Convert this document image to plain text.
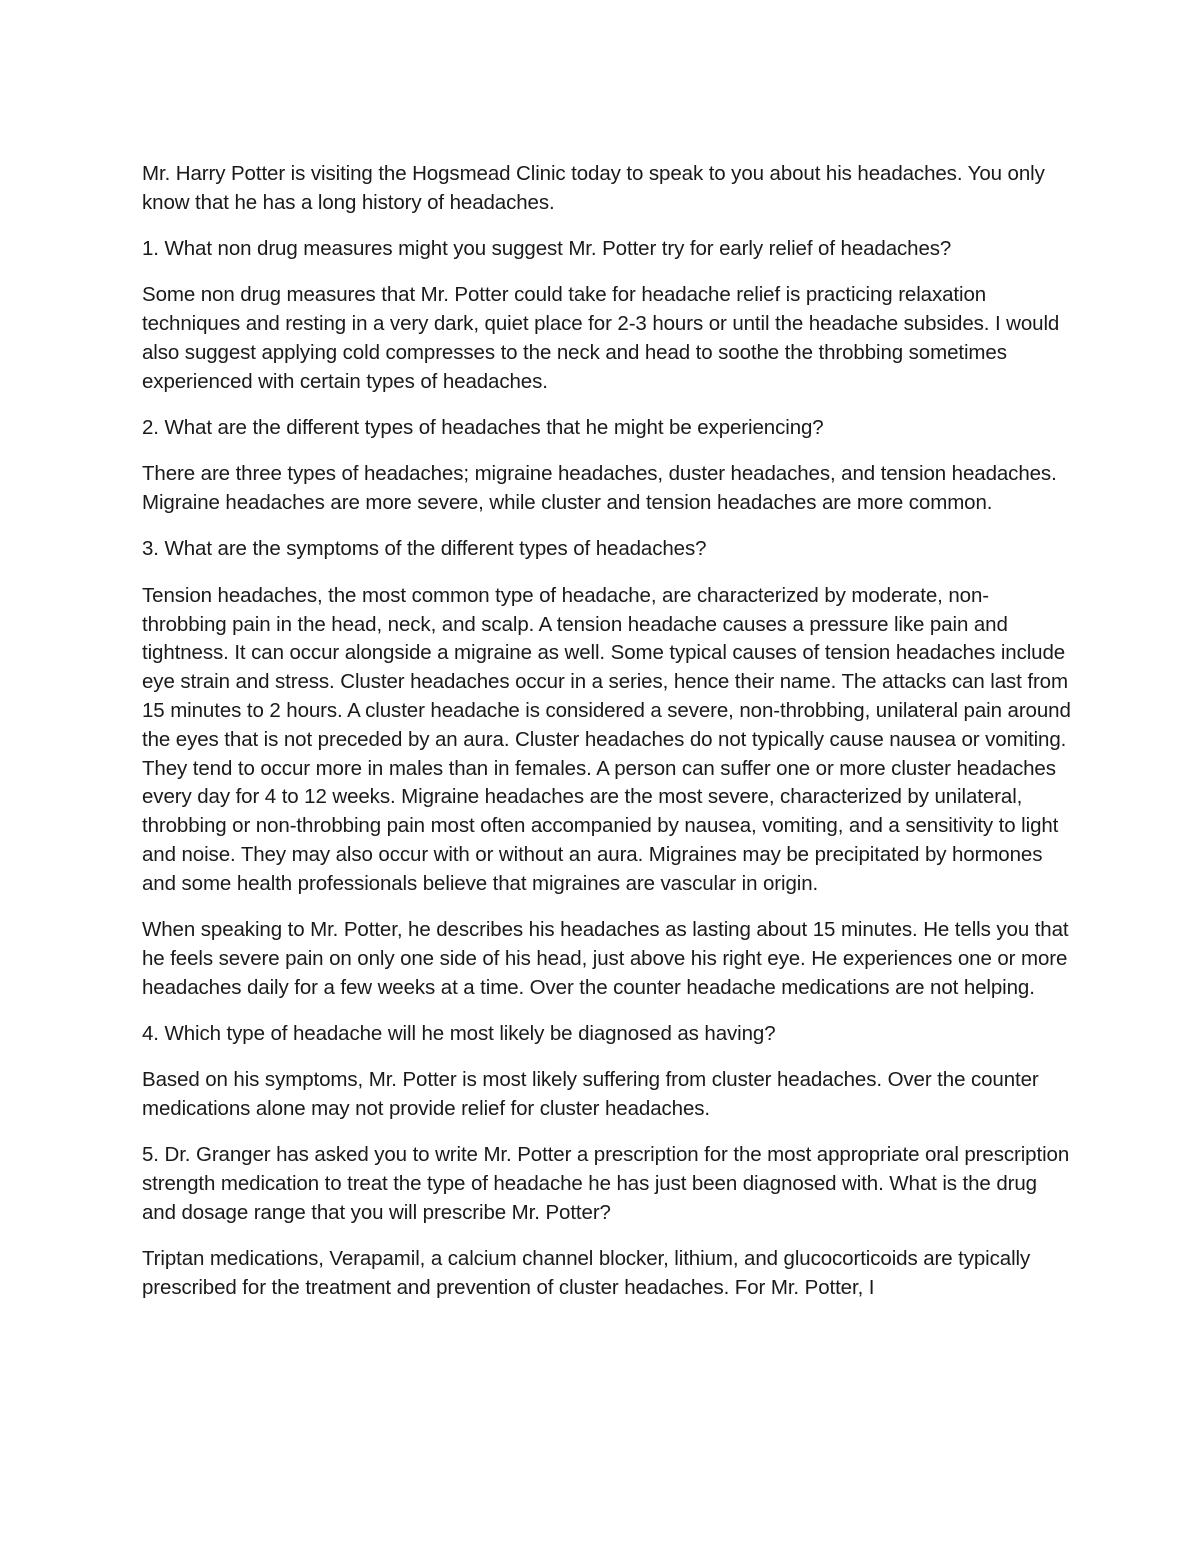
Mr. Harry Potter is visiting the Hogsmead Clinic today to speak to you about his headaches. You only know that he has a long history of headaches.

1. What non drug measures might you suggest Mr. Potter try for early relief of headaches?

Some non drug measures that Mr. Potter could take for headache relief is practicing relaxation techniques and resting in a very dark, quiet place for 2-3 hours or until the headache subsides. I would also suggest applying cold compresses to the neck and head to soothe the throbbing sometimes experienced with certain types of headaches.

2. What are the different types of headaches that he might be experiencing?

There are three types of headaches; migraine headaches, duster headaches, and tension headaches. Migraine headaches are more severe, while cluster and tension headaches are more common.

3. What are the symptoms of the different types of headaches?

Tension headaches, the most common type of headache, are characterized by moderate, non-throbbing pain in the head, neck, and scalp. A tension headache causes a pressure like pain and tightness. It can occur alongside a migraine as well. Some typical causes of tension headaches include eye strain and stress. Cluster headaches occur in a series, hence their name. The attacks can last from 15 minutes to 2 hours. A cluster headache is considered a severe, non-throbbing, unilateral pain around the eyes that is not preceded by an aura. Cluster headaches do not typically cause nausea or vomiting. They tend to occur more in males than in females. A person can suffer one or more cluster headaches every day for 4 to 12 weeks. Migraine headaches are the most severe, characterized by unilateral, throbbing or non-throbbing pain most often accompanied by nausea, vomiting, and a sensitivity to light and noise. They may also occur with or without an aura. Migraines may be precipitated by hormones and some health professionals believe that migraines are vascular in origin.

When speaking to Mr. Potter, he describes his headaches as lasting about 15 minutes. He tells you that he feels severe pain on only one side of his head, just above his right eye. He experiences one or more headaches daily for a few weeks at a time. Over the counter headache medications are not helping.

4. Which type of headache will he most likely be diagnosed as having?

Based on his symptoms, Mr. Potter is most likely suffering from cluster headaches. Over the counter medications alone may not provide relief for cluster headaches.

5. Dr. Granger has asked you to write Mr. Potter a prescription for the most appropriate oral prescription strength medication to treat the type of headache he has just been diagnosed with. What is the drug and dosage range that you will prescribe Mr. Potter?

Triptan medications, Verapamil, a calcium channel blocker, lithium, and glucocorticoids are typically prescribed for the treatment and prevention of cluster headaches. For Mr. Potter, I
